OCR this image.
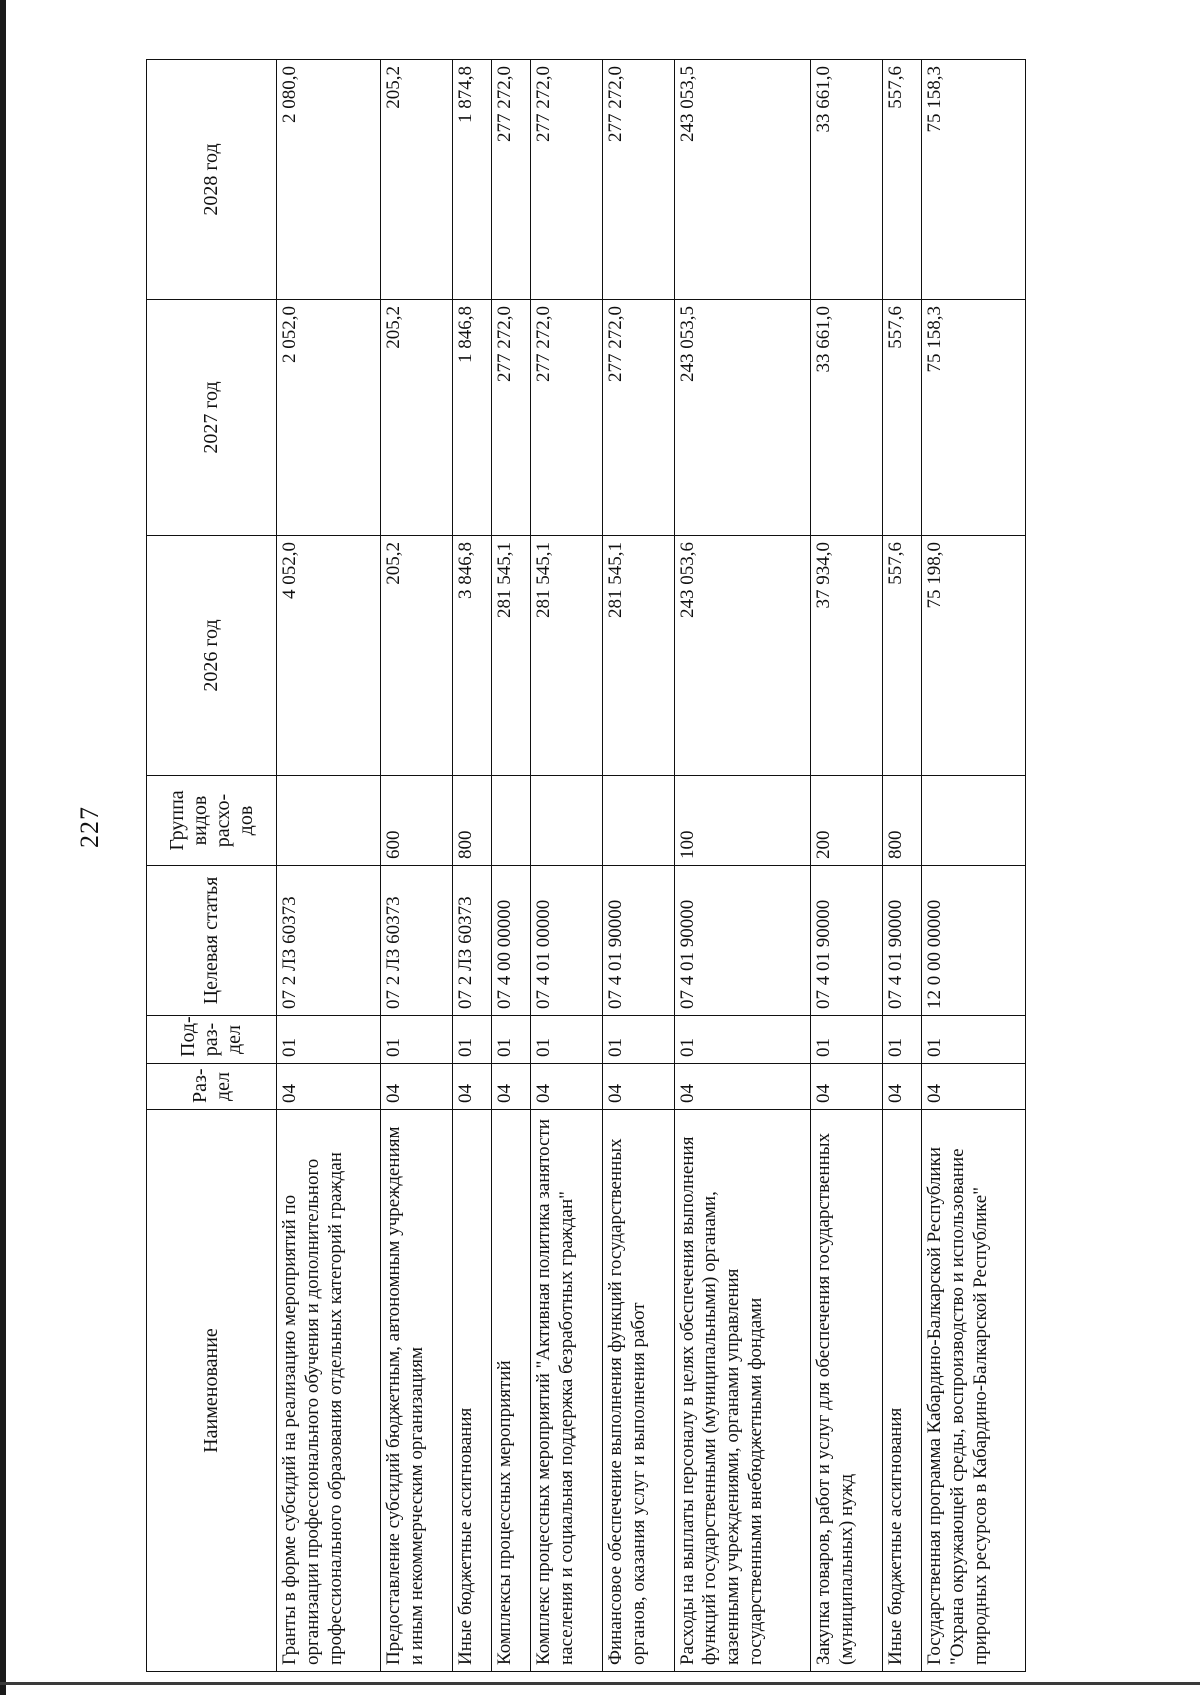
227
Наименование	Раз-дел	Под-раз-дел	Целевая статья	Группа видов расхо-дов	2026 год	2027 год	2028 год
Гранты в форме субсидий на реализацию мероприятий по организации профессионального обучения и дополнительного профессионального образования отдельных категорий граждан	04	01	07 2 ЛЗ 60373		4 052,0	2 052,0	2 080,0
Предоставление субсидий бюджетным, автономным учреждениям и иным некоммерческим организациям	04	01	07 2 ЛЗ 60373	600	205,2	205,2	205,2
Иные бюджетные ассигнования	04	01	07 2 ЛЗ 60373	800	3 846,8	1 846,8	1 874,8
Комплексы процессных мероприятий	04	01	07 4 00 00000		281 545,1	277 272,0	277 272,0
Комплекс процессных мероприятий "Активная политика занятости населения и социальная поддержка безработных граждан"	04	01	07 4 01 00000		281 545,1	277 272,0	277 272,0
Финансовое обеспечение выполнения функций государственных органов, оказания услуг и выполнения работ	04	01	07 4 01 90000		281 545,1	277 272,0	277 272,0
Расходы на выплаты персоналу в целях обеспечения выполнения функций государственными (муниципальными) органами, казенными учреждениями, органами управления государственными внебюджетными фондами	04	01	07 4 01 90000	100	243 053,6	243 053,5	243 053,5
Закупка товаров, работ и услуг для обеспечения государственных (муниципальных) нужд	04	01	07 4 01 90000	200	37 934,0	33 661,0	33 661,0
Иные бюджетные ассигнования	04	01	07 4 01 90000	800	557,6	557,6	557,6
Государственная программа Кабардино-Балкарской Республики "Охрана окружающей среды, воспроизводство и использование природных ресурсов в Кабардино-Балкарской Республике"	04	01	12 0 00 00000		75 198,0	75 158,3	75 158,3
